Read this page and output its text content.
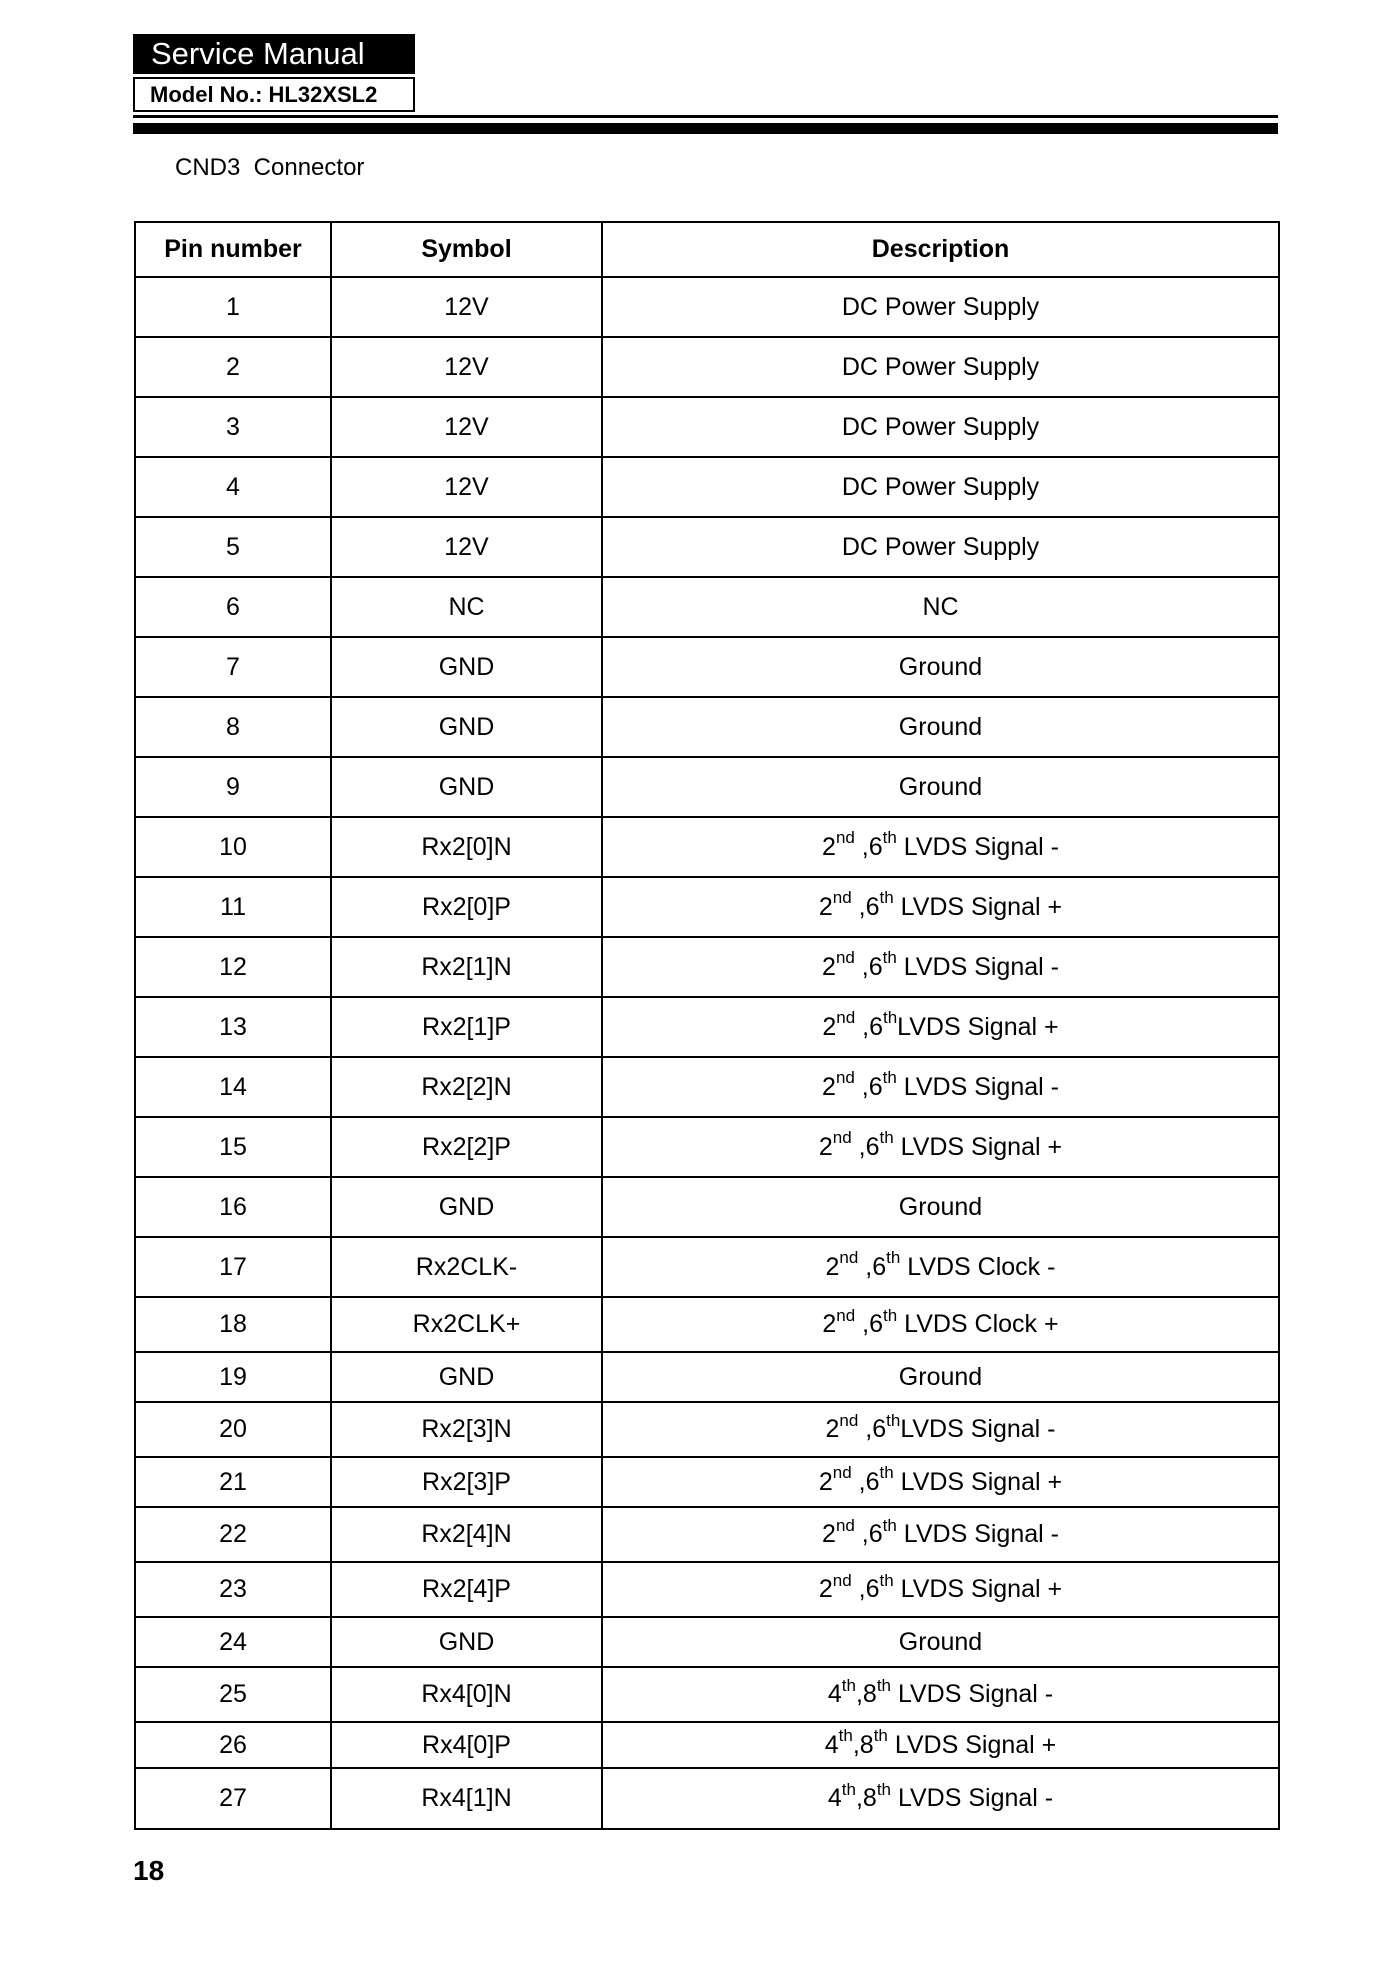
Service Manual
Model No.: HL32XSL2
CND3  Connector
Pin number	Symbol	Description
1	12V	DC Power Supply
2	12V	DC Power Supply
3	12V	DC Power Supply
4	12V	DC Power Supply
5	12V	DC Power Supply
6	NC	NC
7	GND	Ground
8	GND	Ground
9	GND	Ground
10	Rx2[0]N	2nd ,6th LVDS Signal -
11	Rx2[0]P	2nd ,6th LVDS Signal +
12	Rx2[1]N	2nd ,6th LVDS Signal -
13	Rx2[1]P	2nd ,6thLVDS Signal +
14	Rx2[2]N	2nd ,6th LVDS Signal -
15	Rx2[2]P	2nd ,6th LVDS Signal +
16	GND	Ground
17	Rx2CLK-	2nd ,6th LVDS Clock -
18	Rx2CLK+	2nd ,6th LVDS Clock +
19	GND	Ground
20	Rx2[3]N	2nd ,6thLVDS Signal -
21	Rx2[3]P	2nd ,6th LVDS Signal +
22	Rx2[4]N	2nd ,6th LVDS Signal -
23	Rx2[4]P	2nd ,6th LVDS Signal +
24	GND	Ground
25	Rx4[0]N	4th,8th LVDS Signal -
26	Rx4[0]P	4th,8th LVDS Signal +
27	Rx4[1]N	4th,8th LVDS Signal -
18
